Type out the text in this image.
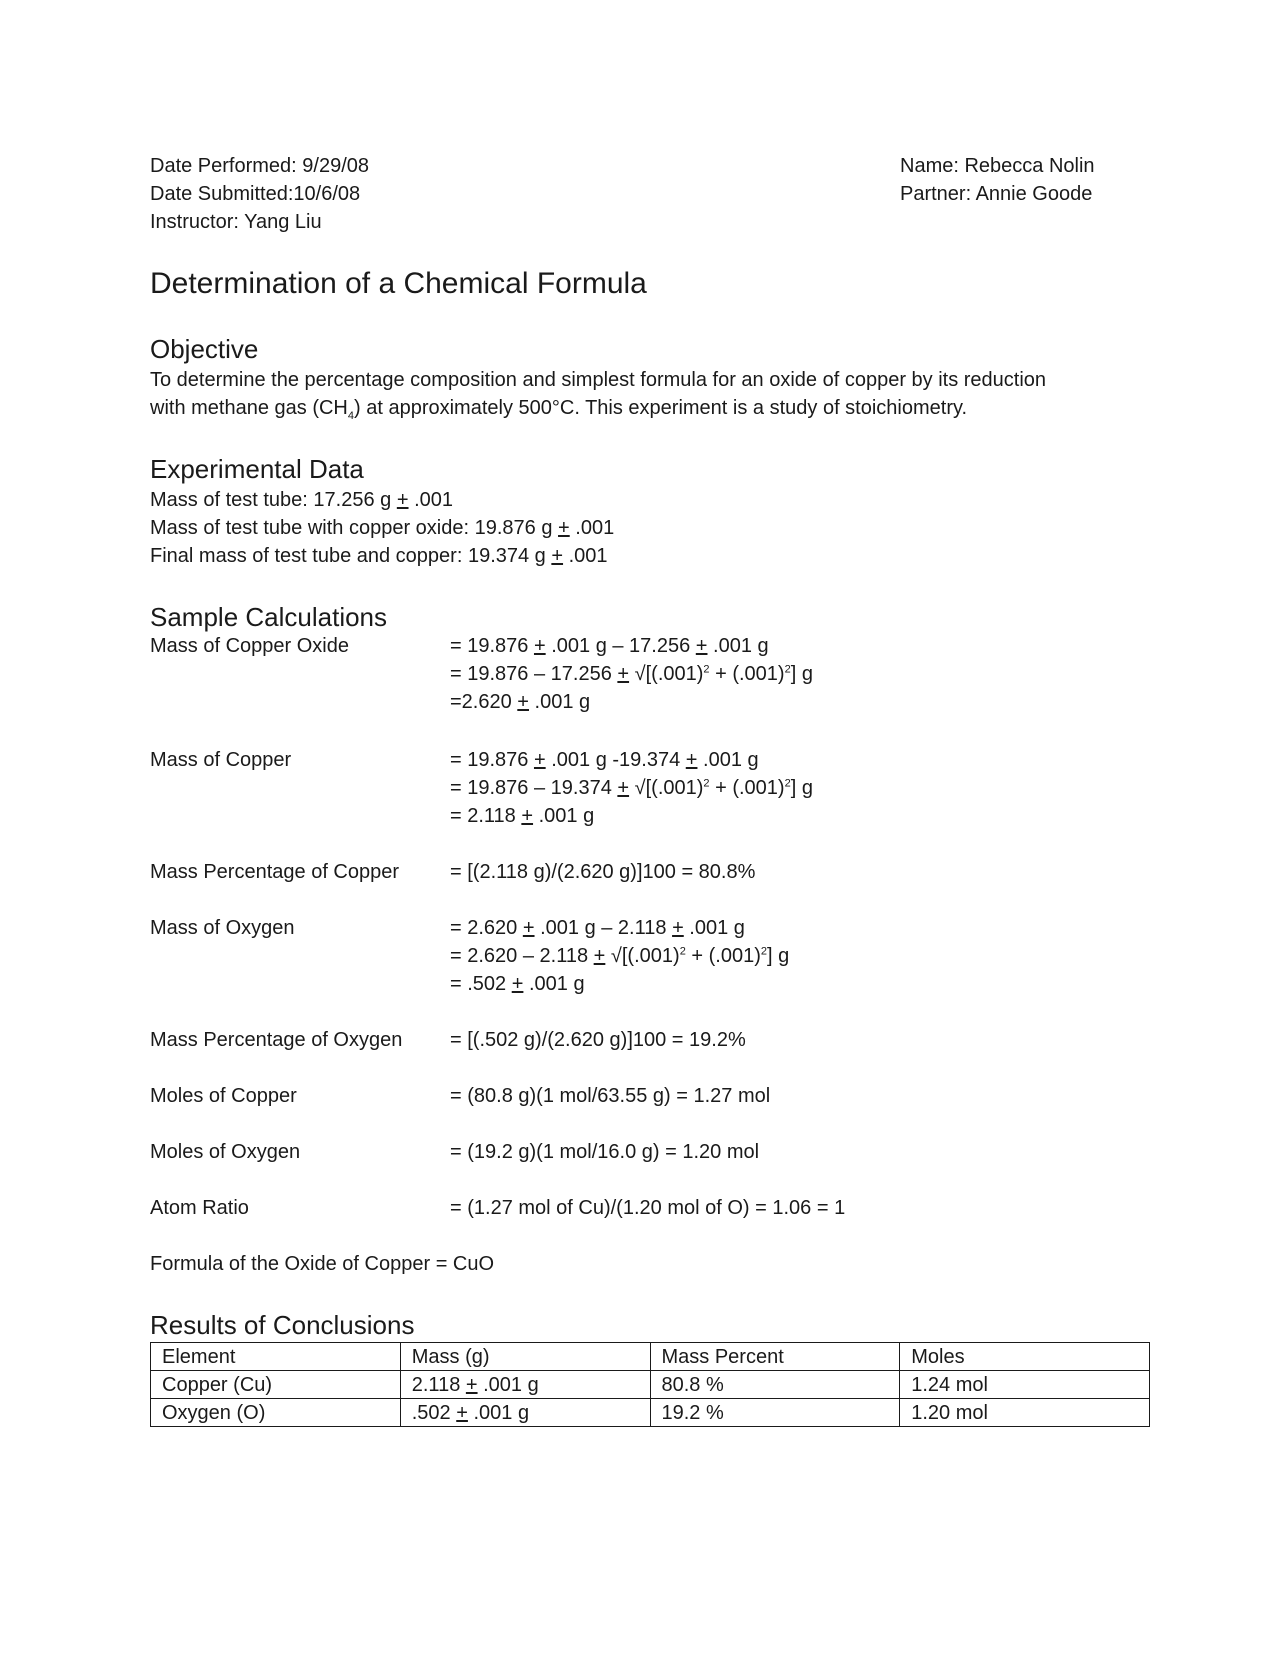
Date Performed: 9/29/08
Date Submitted:10/6/08
Instructor: Yang Liu
Name: Rebecca Nolin
Partner: Annie Goode
Determination of a Chemical Formula
Objective
To determine the percentage composition and simplest formula for an oxide of copper by its reduction
with methane gas $(CH_4)$ at approximately 500°C. This experiment is a study of stoichiometry.
Experimental Data
Mass of test tube: 17.256 g + .001
Mass of test tube with copper oxide: 19.876 g + .001
Final mass of test tube and copper: 19.374 g + .001
Sample Calculations
Mass of Copper Oxide	= 19.876 + .001 g – 17.256 + .001 g
= $19.876 - 17.256 + √[(.001)^2 + (.001)^2]$ g
=2.620 + .001 g
Mass of Copper	= 19.876 + .001 g -19.374 + .001 g
= $19.876 - 19.374 + √[(.001)^2 + (.001)^2]$ g
= 2.118 + .001 g
Mass Percentage of Copper	= [(2.118 g)/(2.620 g)]100 = 80.8%
Mass of Oxygen	= 2.620 + .001 g – 2.118 + .001 g
= $2.620 - 2.118 + √[(.001)^2 + (.001)^2]$ g
= .502 + .001 g
Mass Percentage of Oxygen = [(.502 g)/(2.620 g)]100 = 19.2%
Moles of Copper	= (80.8 g)(1 mol/63.55 g) = 1.27 mol
Moles of Oxygen	= (19.2 g)(1 mol/16.0 g) = 1.20 mol
Atom Ratio	= (1.27 mol of Cu)/(1.20 mol of O) = 1.06 = 1
Formula of the Oxide of Copper = CuO
Results of Conclusions
Element	Mass (g)	Mass Percent	Moles
Copper (Cu)	2.118 + .001 g	80.8 %	1.24 mol
Oxygen (O)	.502 + .001 g	19.2 %	1.20 mol
